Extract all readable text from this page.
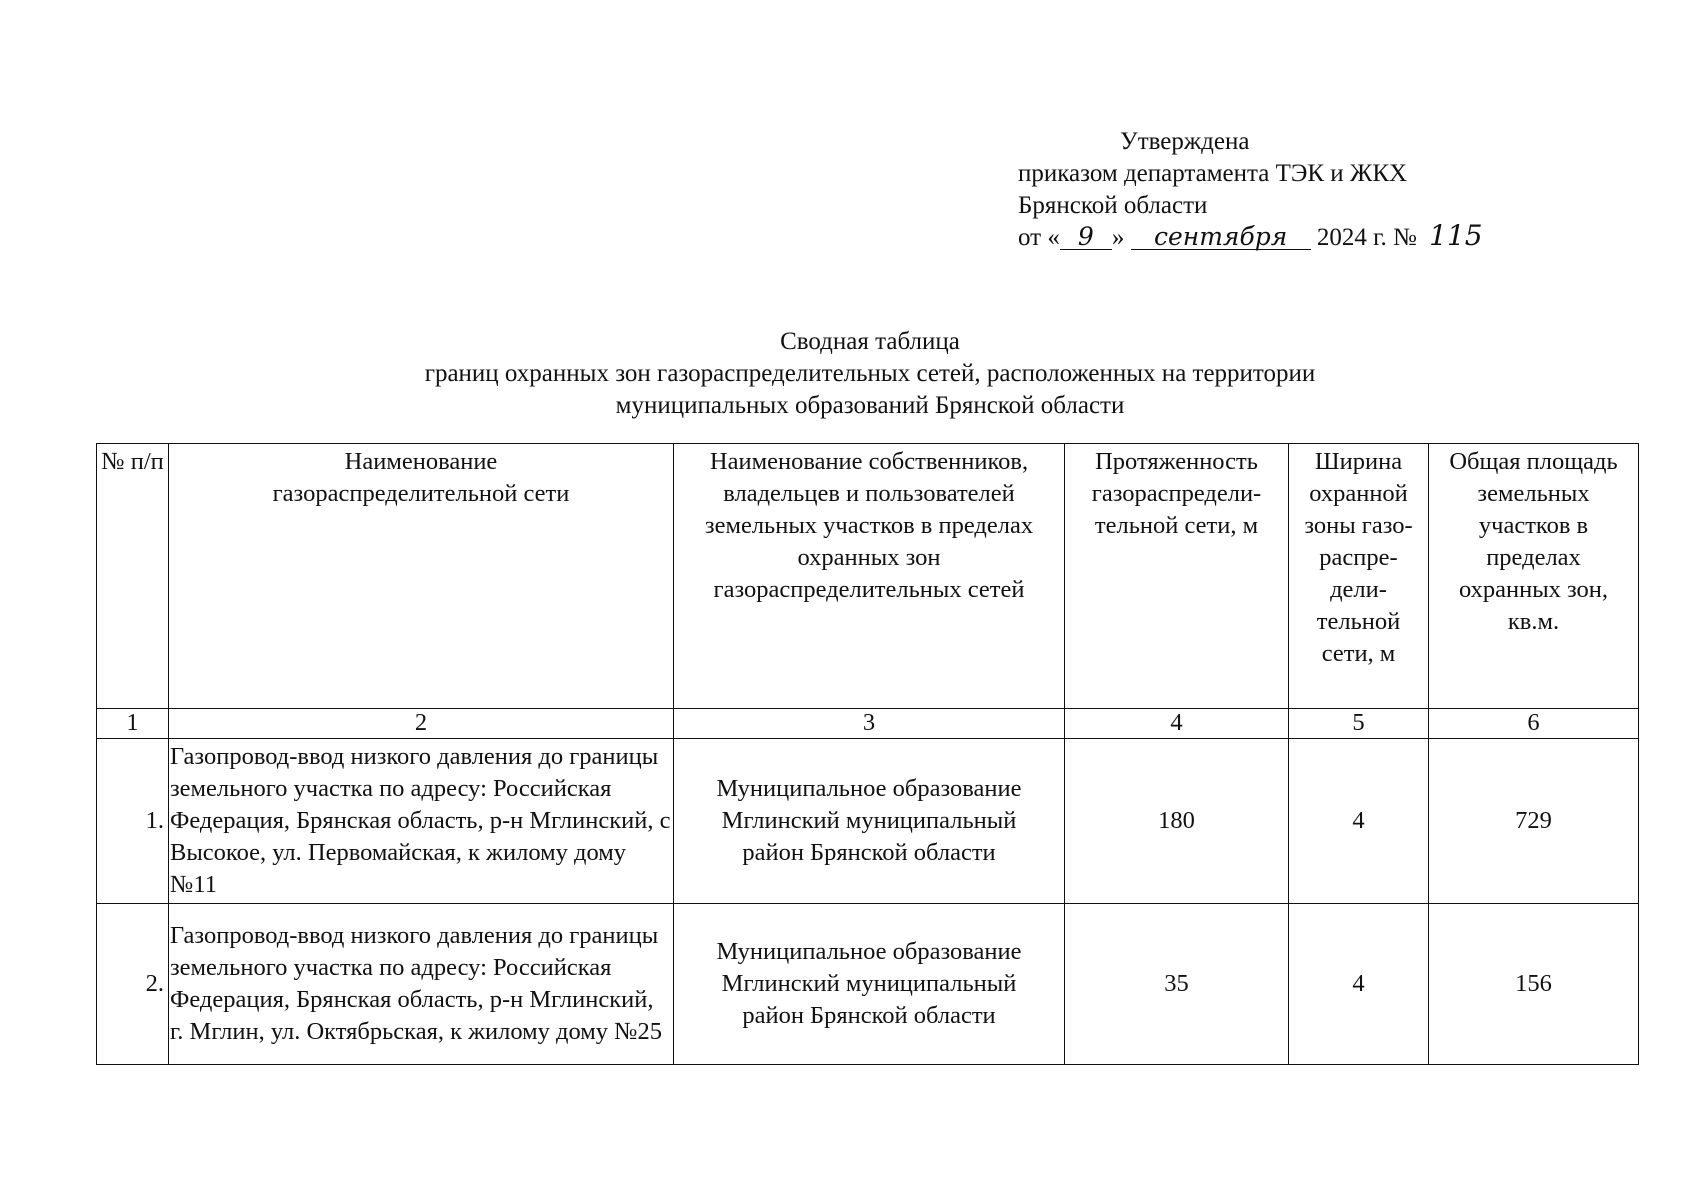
Утверждена
приказом департамента ТЭК и ЖКХ
Брянской области
от « 9 » сентября 2024 г. № 115
Сводная таблица
границ охранных зон газораспределительных сетей, расположенных на территории
муниципальных образований Брянской области
№ п/п	Наименование газораспределительной сети	Наименование собственников, владельцев и пользователей земельных участков в пределах охранных зон газораспределительных сетей	Протяженность газораспредели-тельной сети, м	Ширина охранной зоны газо-распре-дели-тельной сети, м	Общая площадь земельных участков в пределах охранных зон, кв.м.
1	2	3	4	5	6
1.	Газопровод-ввод низкого давления до границы земельного участка по адресу: Российская Федерация, Брянская область, р-н Мглинский, с Высокое, ул. Первомайская, к жилому дому №11	Муниципальное образование Мглинский муниципальный район Брянской области	180	4	729
2.	Газопровод-ввод низкого давления до границы земельного участка по адресу: Российская Федерация, Брянская область, р-н Мглинский, г. Мглин, ул. Октябрьская, к жилому дому №25	Муниципальное образование Мглинский муниципальный район Брянской области	35	4	156
